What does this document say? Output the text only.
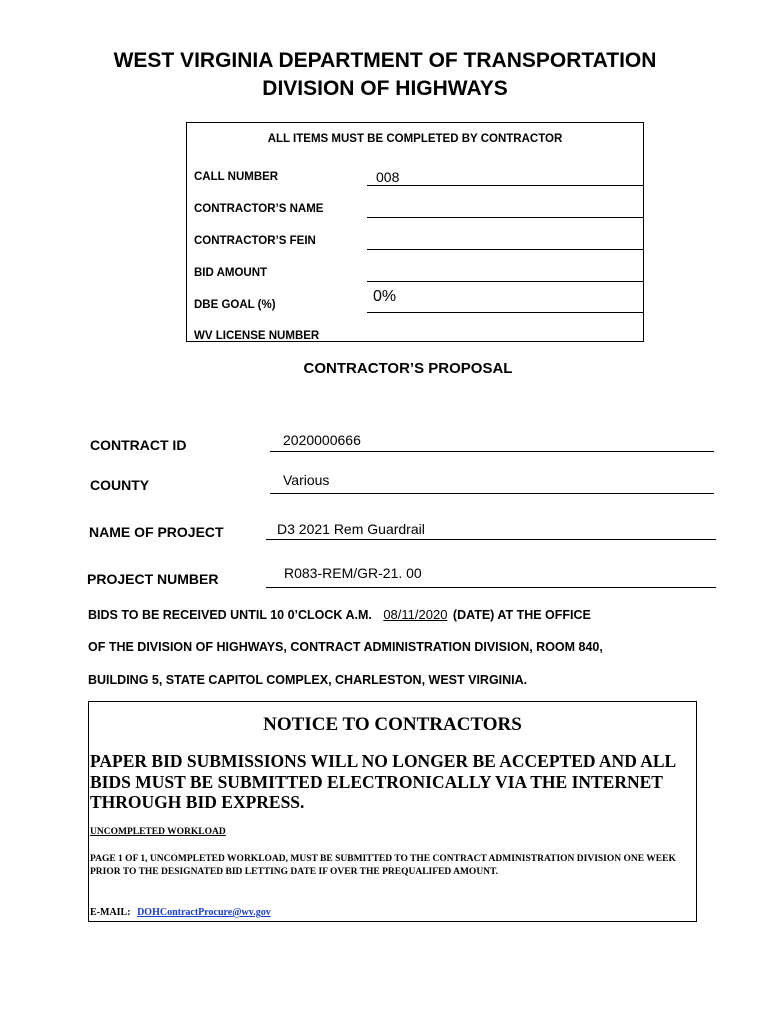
WEST VIRGINIA DEPARTMENT OF TRANSPORTATION
DIVISION OF HIGHWAYS
ALL ITEMS MUST BE COMPLETED BY CONTRACTOR
CALL NUMBER	008
CONTRACTOR’S NAME
CONTRACTOR’S FEIN
BID AMOUNT
DBE GOAL (%)	0%
WV LICENSE NUMBER
CONTRACTOR’S PROPOSAL
CONTRACT ID	2020000666
COUNTY	Various
NAME OF PROJECT	D3 2021 Rem Guardrail
PROJECT NUMBER	R083-REM/GR-21. 00
BIDS TO BE RECEIVED UNTIL 10 0’CLOCK A.M. 08/11/2020 (DATE) AT THE OFFICE
OF THE DIVISION OF HIGHWAYS, CONTRACT ADMINISTRATION DIVISION, ROOM 840,
BUILDING 5, STATE CAPITOL COMPLEX, CHARLESTON, WEST VIRGINIA.
NOTICE TO CONTRACTORS
PAPER BID SUBMISSIONS WILL NO LONGER BE ACCEPTED AND ALL BIDS MUST BE SUBMITTED ELECTRONICALLY VIA THE INTERNET THROUGH BID EXPRESS.
UNCOMPLETED WORKLOAD
PAGE 1 OF 1, UNCOMPLETED WORKLOAD, MUST BE SUBMITTED TO THE CONTRACT ADMINISTRATION DIVISION ONE WEEK PRIOR TO THE DESIGNATED BID LETTING DATE IF OVER THE PREQUALIFED AMOUNT.
E-MAIL: DOHContractProcure@wv.gov
